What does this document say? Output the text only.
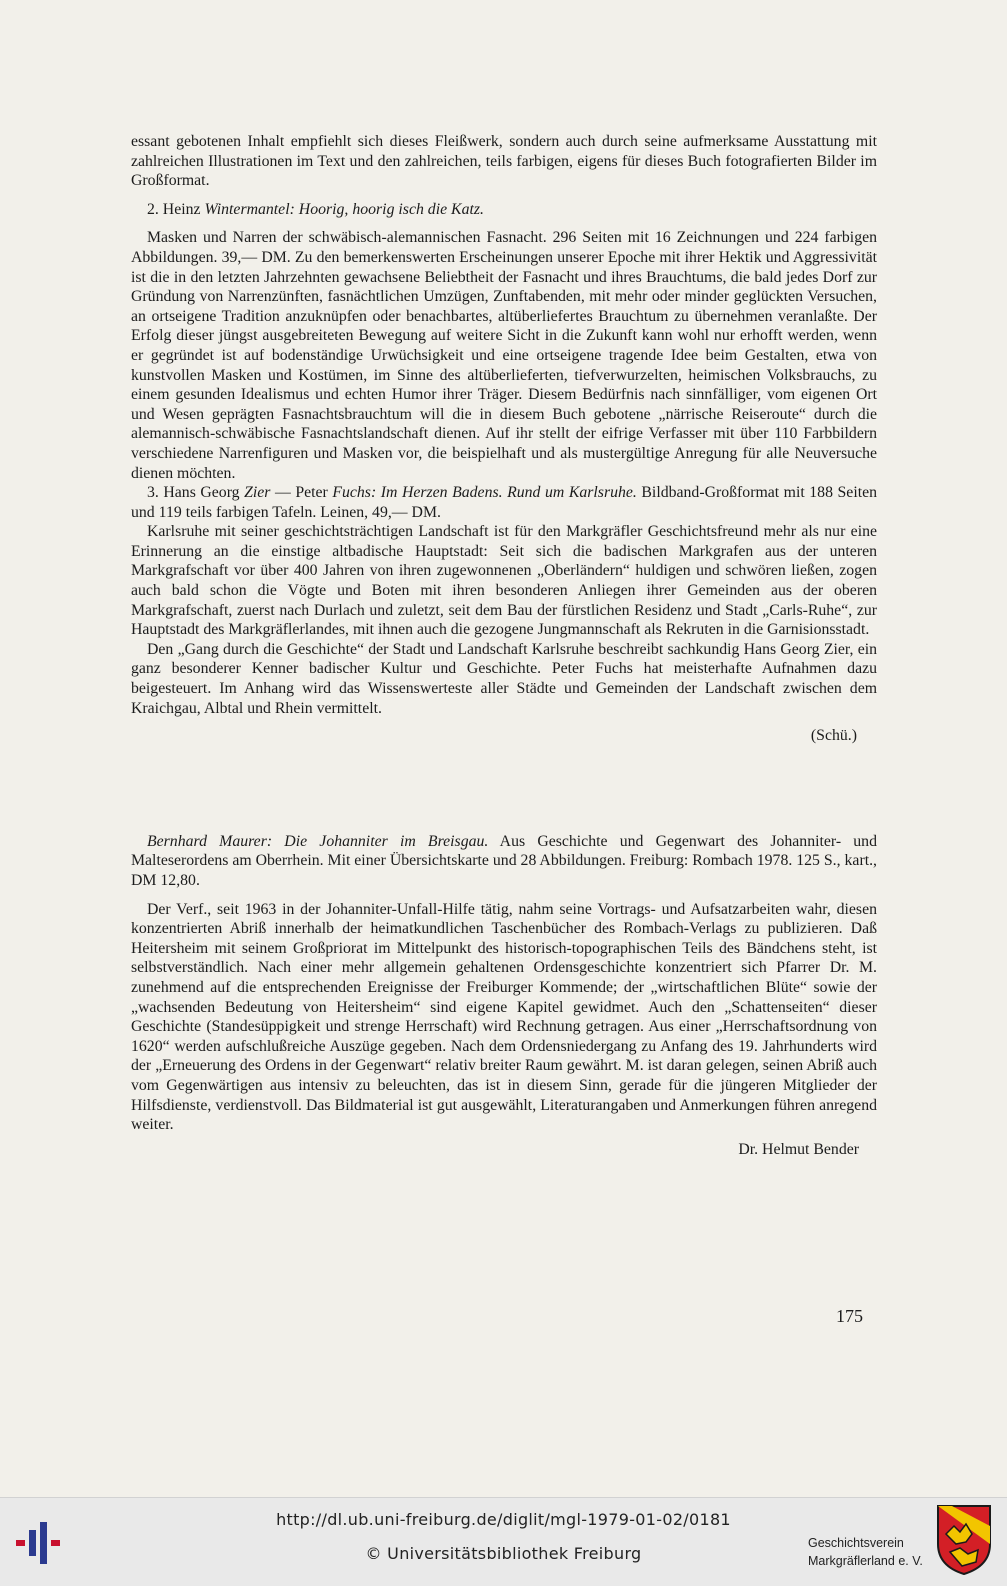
essant gebotenen Inhalt empfiehlt sich dieses Fleißwerk, sondern auch durch seine aufmerksame Ausstattung mit zahlreichen Illustrationen im Text und den zahlreichen, teils farbigen, eigens für dieses Buch fotografierten Bilder im Großformat.

2. Heinz Wintermantel: Hoorig, hoorig isch die Katz.

Masken und Narren der schwäbisch-alemannischen Fasnacht. 296 Seiten mit 16 Zeichnungen und 224 farbigen Abbildungen. 39,— DM. Zu den bemerkenswerten Erscheinungen unserer Epoche mit ihrer Hektik und Aggressivität ist die in den letzten Jahrzehnten gewachsene Beliebtheit der Fasnacht und ihres Brauchtums, die bald jedes Dorf zur Gründung von Narrenzünften, fasnächtlichen Umzügen, Zunftabenden, mit mehr oder minder geglückten Versuchen, an ortseigene Tradition anzuknüpfen oder benachbartes, altüberliefertes Brauchtum zu übernehmen veranlaßte. Der Erfolg dieser jüngst ausgebreiteten Bewegung auf weitere Sicht in die Zukunft kann wohl nur erhofft werden, wenn er gegründet ist auf bodenständige Urwüchsigkeit und eine ortseigene tragende Idee beim Gestalten, etwa von kunstvollen Masken und Kostümen, im Sinne des altüberlieferten, tiefverwurzelten, heimischen Volksbrauchs, zu einem gesunden Idealismus und echten Humor ihrer Träger. Diesem Bedürfnis nach sinnfälliger, vom eigenen Ort und Wesen geprägten Fasnachtsbrauchtum will die in diesem Buch gebotene „närrische Reiseroute“ durch die alemannisch-schwäbische Fasnachtslandschaft dienen. Auf ihr stellt der eifrige Verfasser mit über 110 Farbbildern verschiedene Narrenfiguren und Masken vor, die beispielhaft und als mustergültige Anregung für alle Neuversuche dienen möchten.

3. Hans Georg Zier — Peter Fuchs: Im Herzen Badens. Rund um Karlsruhe. Bildband-Großformat mit 188 Seiten und 119 teils farbigen Tafeln. Leinen, 49,— DM.

Karlsruhe mit seiner geschichtsträchtigen Landschaft ist für den Markgräfler Geschichtsfreund mehr als nur eine Erinnerung an die einstige altbadische Hauptstadt: Seit sich die badischen Markgrafen aus der unteren Markgrafschaft vor über 400 Jahren von ihren zugewonnenen „Oberländern“ huldigen und schwören ließen, zogen auch bald schon die Vögte und Boten mit ihren besonderen Anliegen ihrer Gemeinden aus der oberen Markgrafschaft, zuerst nach Durlach und zuletzt, seit dem Bau der fürstlichen Residenz und Stadt „Carls-Ruhe“, zur Hauptstadt des Markgräflerlandes, mit ihnen auch die gezogene Jungmannschaft als Rekruten in die Garnisionsstadt.

Den „Gang durch die Geschichte“ der Stadt und Landschaft Karlsruhe beschreibt sachkundig Hans Georg Zier, ein ganz besonderer Kenner badischer Kultur und Geschichte. Peter Fuchs hat meisterhafte Aufnahmen dazu beigesteuert. Im Anhang wird das Wissenswerteste aller Städte und Gemeinden der Landschaft zwischen dem Kraichgau, Albtal und Rhein vermittelt.

(Schü.)

Bernhard Maurer: Die Johanniter im Breisgau. Aus Geschichte und Gegenwart des Johanniter- und Malteserordens am Oberrhein. Mit einer Übersichtskarte und 28 Abbildungen. Freiburg: Rombach 1978. 125 S., kart., DM 12,80.

Der Verf., seit 1963 in der Johanniter-Unfall-Hilfe tätig, nahm seine Vortrags- und Aufsatzarbeiten wahr, diesen konzentrierten Abriß innerhalb der heimatkundlichen Taschenbücher des Rombach-Verlags zu publizieren. Daß Heitersheim mit seinem Großpriorat im Mittelpunkt des historisch-topographischen Teils des Bändchens steht, ist selbstverständlich. Nach einer mehr allgemein gehaltenen Ordensgeschichte konzentriert sich Pfarrer Dr. M. zunehmend auf die entsprechenden Ereignisse der Freiburger Kommende; der „wirtschaftlichen Blüte“ sowie der „wachsenden Bedeutung von Heitersheim“ sind eigene Kapitel gewidmet. Auch den „Schattenseiten“ dieser Geschichte (Standesüppigkeit und strenge Herrschaft) wird Rechnung getragen. Aus einer „Herrschaftsordnung von 1620“ werden aufschlußreiche Auszüge gegeben. Nach dem Ordensniedergang zu Anfang des 19. Jahrhunderts wird der „Erneuerung des Ordens in der Gegenwart“ relativ breiter Raum gewährt. M. ist daran gelegen, seinen Abriß auch vom Gegenwärtigen aus intensiv zu beleuchten, das ist in diesem Sinn, gerade für die jüngeren Mitglieder der Hilfsdienste, verdienstvoll. Das Bildmaterial ist gut ausgewählt, Literaturangaben und Anmerkungen führen anregend weiter.

Dr. Helmut Bender

175
http://dl.ub.uni-freiburg.de/diglit/mgl-1979-01-02/0181
© Universitätsbibliothek Freiburg
Geschichtsverein
Markgräflerland e. V.
